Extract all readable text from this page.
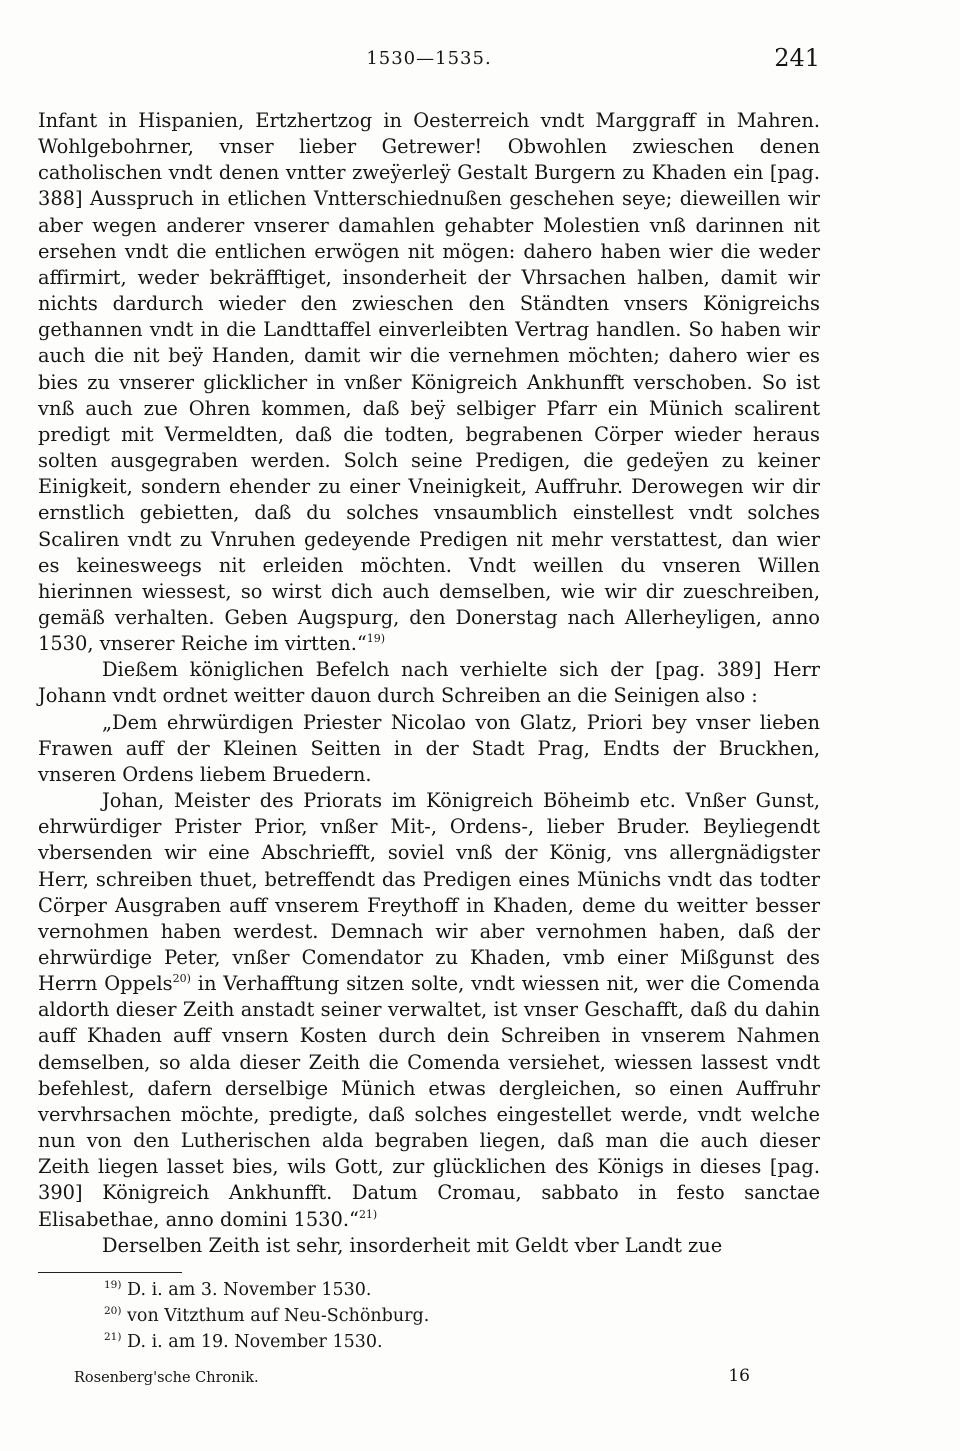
1530—1535.	241

Infant in Hispanien, Ertzhertzog in Oesterreich vndt Marggraff in Mahren. Wohlgebohrner, vnser lieber Getrewer! Obwohlen zwieschen denen catholischen vndt denen vntter zweÿerleÿ Gestalt Burgern zu Khaden ein [pag. 388] Ausspruch in etlichen Vntterschiednußen geschehen seye; dieweillen wir aber wegen anderer vnserer damahlen gehabter Molestien vnß darinnen nit ersehen vndt die entlichen erwögen nit mögen: dahero haben wier die weder affirmirt, weder bekräfftiget, insonderheit der Vhrsachen halben, damit wir nichts dardurch wieder den zwieschen den Ständten vnsers Königreichs gethannen vndt in die Landttaffel einverleibten Vertrag handlen. So haben wir auch die nit beÿ Handen, damit wir die vernehmen möchten; dahero wier es bies zu vnserer glicklicher in vnßer Königreich Ankhunfft verschoben. So ist vnß auch zue Ohren kommen, daß beÿ selbiger Pfarr ein Münich scalirent predigt mit Vermeldten, daß die todten, begrabenen Cörper wieder heraus solten ausgegraben werden. Solch seine Predigen, die gedeÿen zu keiner Einigkeit, sondern ehender zu einer Vneinigkeit, Auffruhr. Derowegen wir dir ernstlich gebietten, daß du solches vnsaumblich einstellest vndt solches Scaliren vndt zu Vnruhen gedeyende Predigen nit mehr verstattest, dan wier es keinesweegs nit erleiden möchten. Vndt weillen du vnseren Willen hierinnen wiessest, so wirst dich auch demselben, wie wir dir zueschreiben, gemäß verhalten. Geben Augspurg, den Donerstag nach Allerheyligen, anno 1530, vnserer Reiche im virtten.“$^{19)}$

Dießem königlichen Befelch nach verhielte sich der [pag. 389] Herr Johann vndt ordnet weitter dauon durch Schreiben an die Seinigen also :

„Dem ehrwürdigen Priester Nicolao von Glatz, Priori bey vnser lieben Frawen auff der Kleinen Seitten in der Stadt Prag, Endts der Bruckhen, vnseren Ordens liebem Bruedern.

Johan, Meister des Priorats im Königreich Böheimb etc. Vnßer Gunst, ehrwürdiger Prister Prior, vnßer Mit-, Ordens-, lieber Bruder. Beyliegendt vbersenden wir eine Abschriefft, soviel vnß der König, vns allergnädigster Herr, schreiben thuet, betreffendt das Predigen eines Münichs vndt das todter Cörper Ausgraben auff vnserem Freythoff in Khaden, deme du weitter besser vernohmen haben werdest. Demnach wir aber vernohmen haben, daß der ehrwürdige Peter, vnßer Comendator zu Khaden, vmb einer Mißgunst des Herrn Oppels$^{20)}$ in Verhafftung sitzen solte, vndt wiessen nit, wer die Comenda aldorth dieser Zeith anstadt seiner verwaltet, ist vnser Geschafft, daß du dahin auff Khaden auff vnsern Kosten durch dein Schreiben in vnserem Nahmen demselben, so alda dieser Zeith die Comenda versiehet, wiessen lassest vndt befehlest, dafern derselbige Münich etwas dergleichen, so einen Auffruhr vervhrsachen möchte, predigte, daß solches eingestellet werde, vndt welche nun von den Lutherischen alda begraben liegen, daß man die auch dieser Zeith liegen lasset bies, wils Gott, zur glücklichen des Königs in dieses [pag. 390] Königreich Ankhunfft. Datum Cromau, sabbato in festo sanctae Elisabethae, anno domini 1530.“$^{21)}$

Derselben Zeith ist sehr, insorderheit mit Geldt vber Landt zue

$^{19)}$ D. i. am 3. November 1530.
$^{20)}$ von Vitzthum auf Neu-Schönburg.
$^{21)}$ D. i. am 19. November 1530.
Rosenberg'sche Chronik.	16
